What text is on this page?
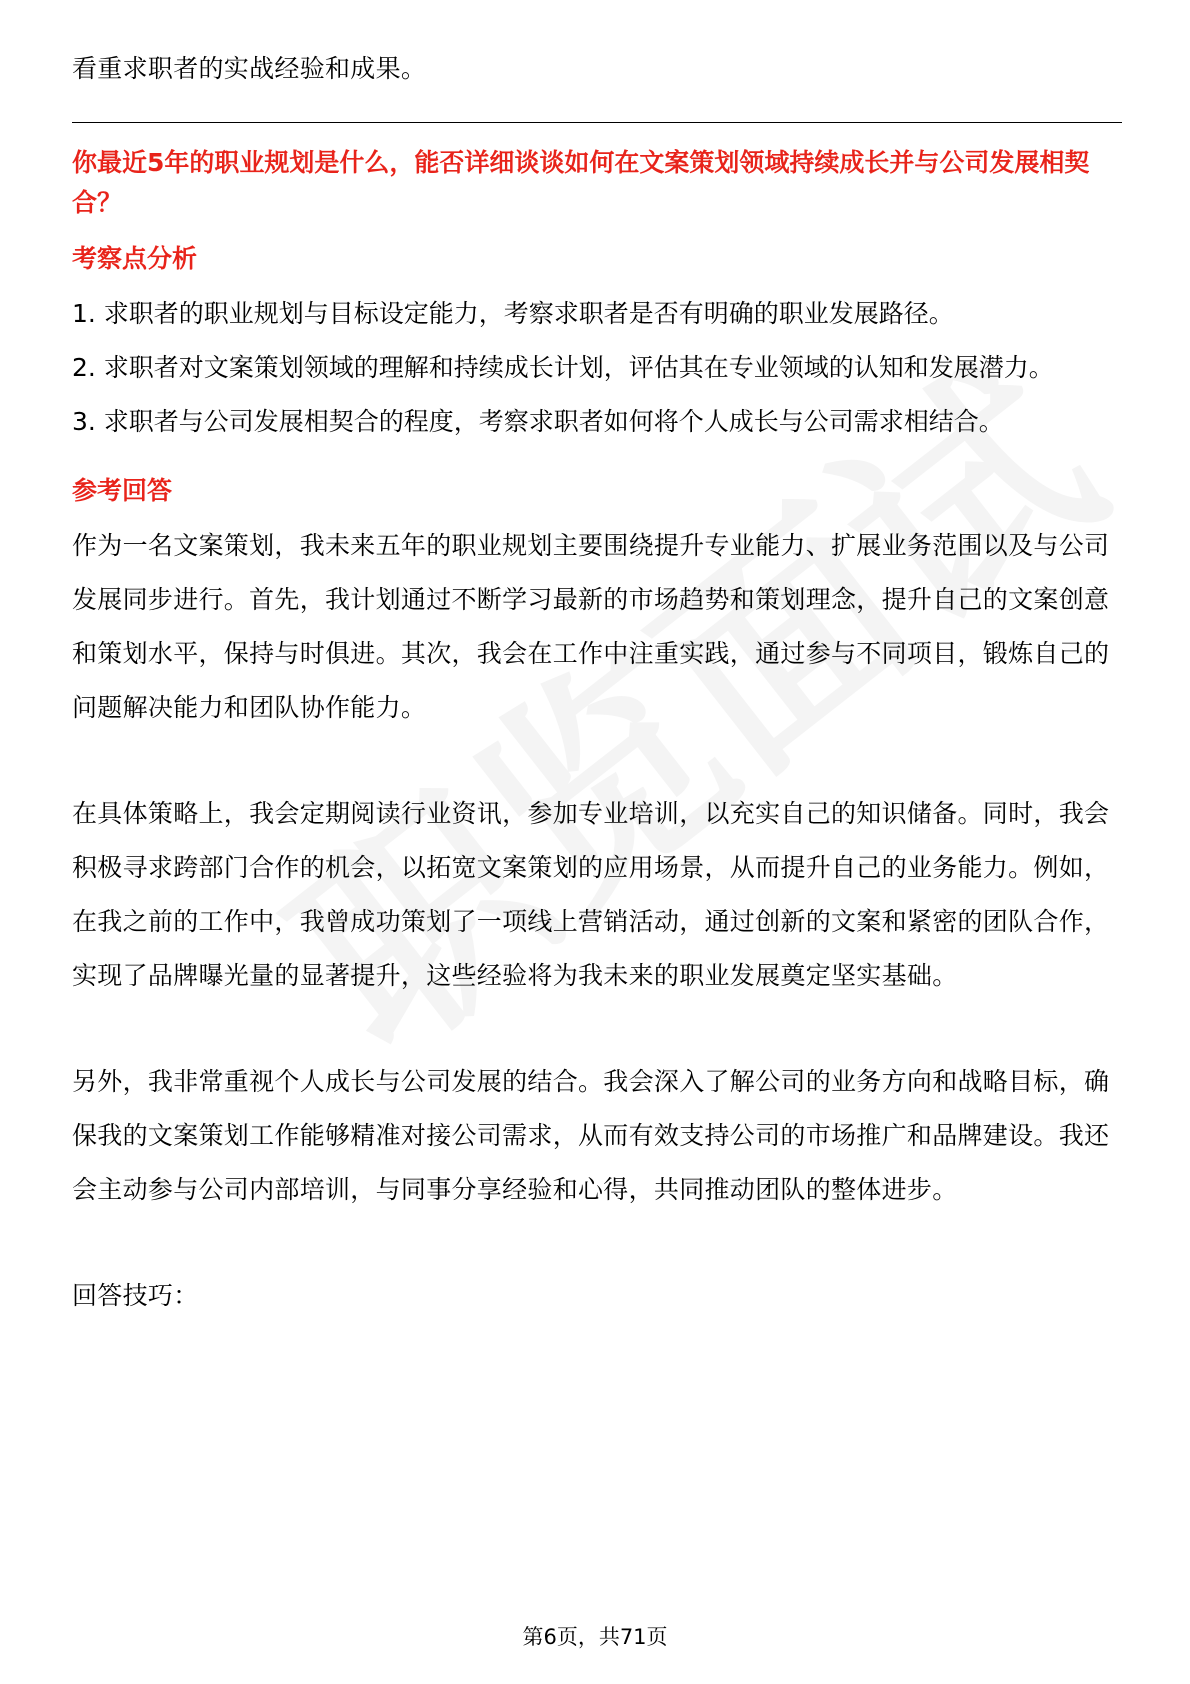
看重求职者的实战经验和成果。

你最近5年的职业规划是什么，能否详细谈谈如何在文案策划领域持续成长并与公司发展相契合？

考察点分析

1. 求职者的职业规划与目标设定能力，考察求职者是否有明确的职业发展路径。

2. 求职者对文案策划领域的理解和持续成长计划，评估其在专业领域的认知和发展潜力。

3. 求职者与公司发展相契合的程度，考察求职者如何将个人成长与公司需求相结合。

参考回答

作为一名文案策划，我未来五年的职业规划主要围绕提升专业能力、扩展业务范围以及与公司发展同步进行。首先，我计划通过不断学习最新的市场趋势和策划理念，提升自己的文案创意和策划水平，保持与时俱进。其次，我会在工作中注重实践，通过参与不同项目，锻炼自己的问题解决能力和团队协作能力。

在具体策略上，我会定期阅读行业资讯，参加专业培训，以充实自己的知识储备。同时，我会积极寻求跨部门合作的机会，以拓宽文案策划的应用场景，从而提升自己的业务能力。例如，在我之前的工作中，我曾成功策划了一项线上营销活动，通过创新的文案和紧密的团队合作，实现了品牌曝光量的显著提升，这些经验将为我未来的职业发展奠定坚实基础。

另外，我非常重视个人成长与公司发展的结合。我会深入了解公司的业务方向和战略目标，确保我的文案策划工作能够精准对接公司需求，从而有效支持公司的市场推广和品牌建设。我还会主动参与公司内部培训，与同事分享经验和心得，共同推动团队的整体进步。

回答技巧：

第6页，共71页
